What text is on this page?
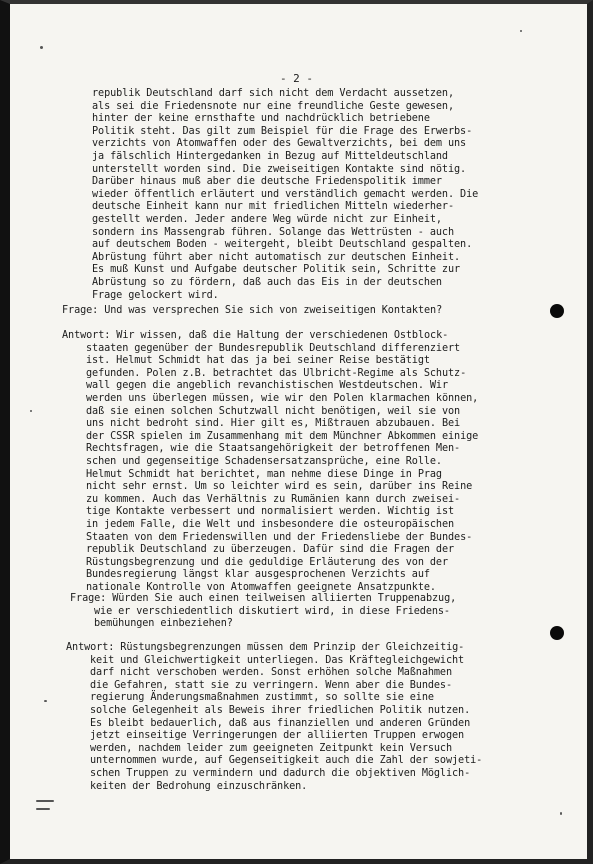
- 2 -

republik Deutschland darf sich nicht dem Verdacht aussetzen,

als sei die Friedensnote nur eine freundliche Geste gewesen,

hinter der keine ernsthafte und nachdrücklich betriebene

Politik steht. Das gilt zum Beispiel für die Frage des Erwerbs-

verzichts von Atomwaffen oder des Gewaltverzichts, bei dem uns

ja fälschlich Hintergedanken in Bezug auf Mitteldeutschland

unterstellt worden sind. Die zweiseitigen Kontakte sind nötig.

Darüber hinaus muß aber die deutsche Friedenspolitik immer

wieder öffentlich erläutert und verständlich gemacht werden. Die

deutsche Einheit kann nur mit friedlichen Mitteln wiederher-

gestellt werden. Jeder andere Weg würde nicht zur Einheit,

sondern ins Massengrab führen. Solange das Wettrüsten - auch

auf deutschem Boden - weitergeht, bleibt Deutschland gespalten.

Abrüstung führt aber nicht automatisch zur deutschen Einheit.

Es muß Kunst und Aufgabe deutscher Politik sein, Schritte zur

Abrüstung so zu fördern, daß auch das Eis in der deutschen

Frage gelockert wird.

Frage: Und was versprechen Sie sich von zweiseitigen Kontakten?

Antwort: Wir wissen, daß die Haltung der verschiedenen Ostblock-

staaten gegenüber der Bundesrepublik Deutschland differenziert

ist. Helmut Schmidt hat das ja bei seiner Reise bestätigt

gefunden. Polen z.B. betrachtet das Ulbricht-Regime als Schutz-

wall gegen die angeblich revanchistischen Westdeutschen. Wir

werden uns überlegen müssen, wie wir den Polen klarmachen können,

daß sie einen solchen Schutzwall nicht benötigen, weil sie von

uns nicht bedroht sind. Hier gilt es, Mißtrauen abzubauen. Bei

der CSSR spielen im Zusammenhang mit dem Münchner Abkommen einige

Rechtsfragen, wie die Staatsangehörigkeit der betroffenen Men-

schen und gegenseitige Schadensersatzansprüche, eine Rolle.

Helmut Schmidt hat berichtet, man nehme diese Dinge in Prag

nicht sehr ernst. Um so leichter wird es sein, darüber ins Reine

zu kommen. Auch das Verhältnis zu Rumänien kann durch zweisei-

tige Kontakte verbessert und normalisiert werden. Wichtig ist

in jedem Falle, die Welt und insbesondere die osteuropäischen

Staaten von dem Friedenswillen und der Friedensliebe der Bundes-

republik Deutschland zu überzeugen. Dafür sind die Fragen der

Rüstungsbegrenzung und die geduldige Erläuterung des von der

Bundesregierung längst klar ausgesprochenen Verzichts auf

nationale Kontrolle von Atomwaffen geeignete Ansatzpunkte.

Frage: Würden Sie auch einen teilweisen alliierten Truppenabzug,

wie er verschiedentlich diskutiert wird, in diese Friedens-

bemühungen einbeziehen?

Antwort: Rüstungsbegrenzungen müssen dem Prinzip der Gleichzeitig-

keit und Gleichwertigkeit unterliegen. Das Kräftegleichgewicht

darf nicht verschoben werden. Sonst erhöhen solche Maßnahmen

die Gefahren, statt sie zu verringern. Wenn aber die Bundes-

regierung Änderungsmaßnahmen zustimmt, so sollte sie eine

solche Gelegenheit als Beweis ihrer friedlichen Politik nutzen.

Es bleibt bedauerlich, daß aus finanziellen und anderen Gründen

jetzt einseitige Verringerungen der alliierten Truppen erwogen

werden, nachdem leider zum geeigneten Zeitpunkt kein Versuch

unternommen wurde, auf Gegenseitigkeit auch die Zahl der sowjeti-

schen Truppen zu vermindern und dadurch die objektiven Möglich-

keiten der Bedrohung einzuschränken.
